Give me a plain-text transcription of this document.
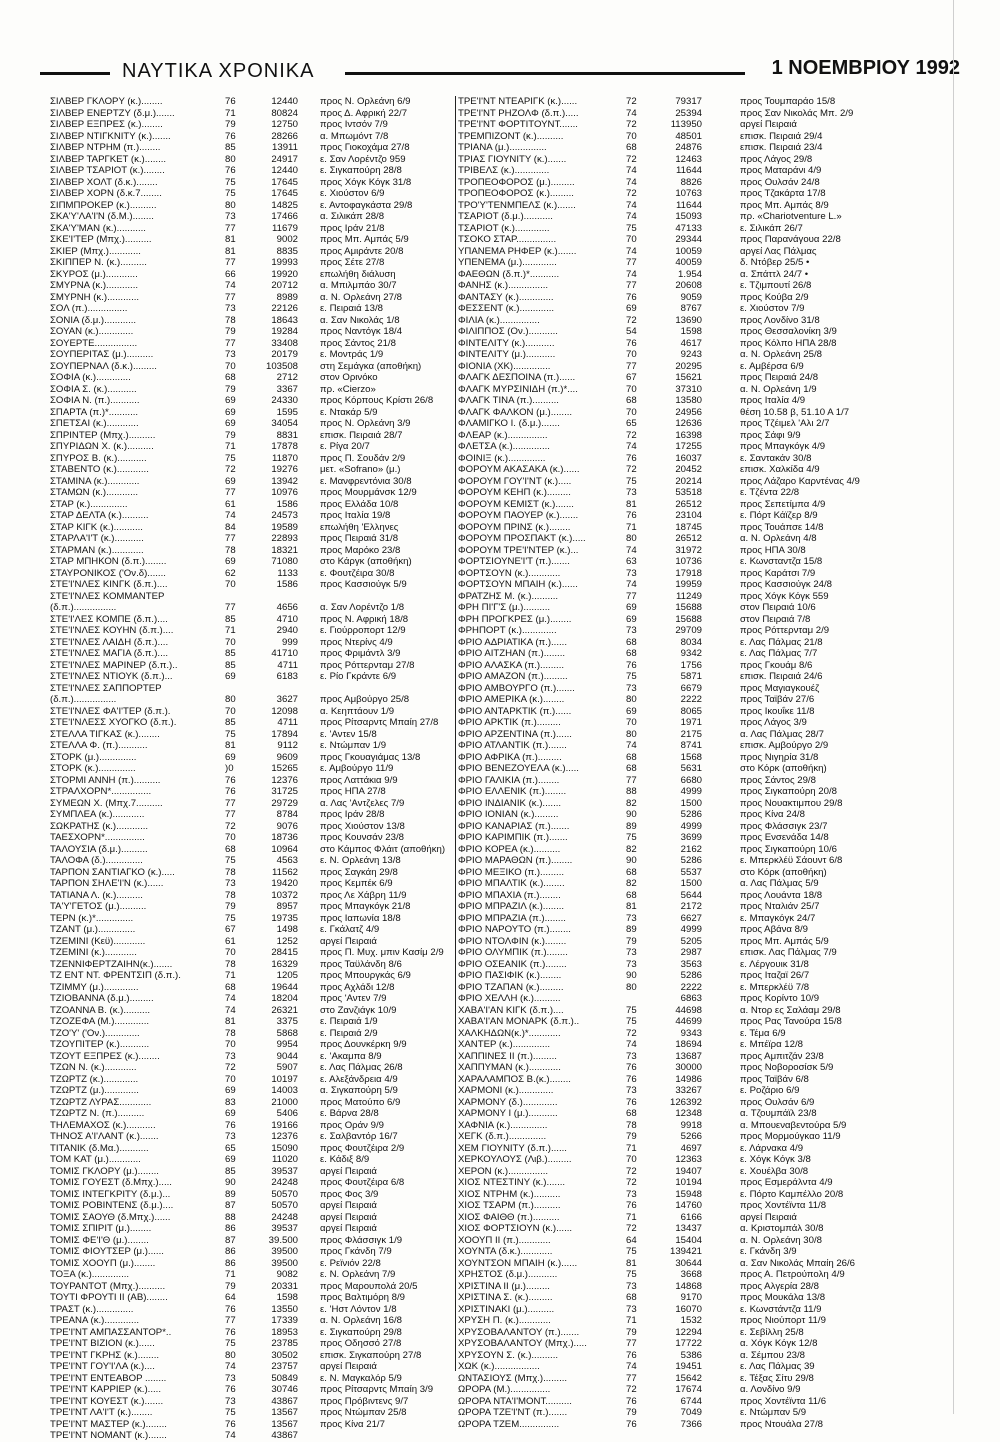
ΝΑΥΤΙΚΑ ΧΡΟΝΙΚΑ	1 ΝΟΕΜΒΡΙΟΥ 1992
ΣΙΛΒΕΡ ΓΚΛΟΡΥ (κ.)........	76	12440 προς Ν. Ορλεάνη 6/9
ΣΙΛΒΕΡ ΕΝΕΡΤΖΥ (δ.μ.).......	71	80824 προς Δ. Αφρική 22/7
ΣΙΛΒΕΡ ΕΞΠΡΕΣ (κ.)........	79	12750 προς Ιντσόν 7/9
ΣΙΛΒΕΡ ΝΤΙΓΚΝΙΤΥ (κ.).......	76	28266 α. Μπωμόντ 7/8
ΣΙΛΒΕΡ ΝΤΡΗΜ (π.)........	85	13911 προς Γιοκοχάμα 27/8
ΣΙΛΒΕΡ ΤΑΡΓΚΕΤ (κ.)........	80	24917 ε. Σαν Λορέντζο 959
ΣΙΛΒΕΡ ΤΣΑΡΙΟΤ (κ.)........	76	12440 ε. Σιγκαπούρη 28/8
ΣΙΛΒΕΡ ΧΟΛΤ (δ.κ.)........	75	17645 προς Χόγκ Κόγκ 31/8
ΣΙΛΒΕΡ ΧΟΡΝ (δ.κ.7........	75	17645 ε. Χιούστον 6/9
ΣΙΠΜΠΡΟΚΕΡ (κ.)..........	80	14825 ε. Αντοφαγκάστα 29/8
ΣΚΑ'Υ'ΛΑ'Ι'Ν (δ.Μ.)........	73	17466 α. Σιλικάπ 28/8
ΣΚΑ'Υ'ΜΑΝ (κ.)...........	77	11679 προς Ιράν 21/8
ΣΚΕ'Ι'ΤΕΡ (Μπχ.)..........	81	9002 προς Μπ. Αμπάς 5/9
ΣΚΙΕΡ (Μπχ.)............	81	8835 προς Αμιράντε 20/8
ΣΚΙΠΠΕΡ Ν. (κ.)..........	77	19993 προς Σέτε 27/8
ΣΚΥΡΟΣ (μ.)............	66	19920 επωλήθη διάλυση
ΣΜΥΡΝΑ (κ.)............	74	20712 α. Μπιλμπάο 30/7
ΣΜΥΡΝΗ (κ.)............	77	8989 α. Ν. Ορλεάνη 27/8
ΣΟΛ (π.)...............	73	22126 ε. Πειραιά 13/8
ΣΟΝΙΑ (δ.μ.)............	78	18643 α. Σαν Νικολάς 1/8
ΣΟΥΑΝ (κ.).............	79	19284 προς Ναντόγκ 18/4
ΣΟΥΕΡΤΕ................	77	33408 προς Σάντος 21/8
ΣΟΥΠΕΡΙΤΑΣ (μ.)..........	73	20179 ε. Μοντράς 1/9
ΣΟΥΠΕΡΝΑΛ (δ.κ.).........	70	103508 στη Σεμάγκα (αποθήκη)
ΣΟΦΙΑ (κ.).............	68	2712 στον Ορινόκο
ΣΟΦΙΑ Σ. (κ.)...........	79	3367 πρ. «Cierzo»
ΣΟΦΙΑ Ν. (π.)...........	69	24330 προς Κόρπους Κρίστι 26/8
ΣΠΑΡΤΑ (π.)*...........	69	1595 ε. Ντακάρ 5/9
ΣΠΕΤΣΑΙ (κ.)............	69	34054 προς Ν. Ορλεάνη 3/9
ΣΠΡΙΝΤΕΡ (Μπχ.)..........	79	8831 επισκ. Πειραιά 28/7
ΣΠΥΡΙΔΩΝ Χ. (κ.)..........	71	17878 ε. Ρίγα 20/7
ΣΠΥΡΟΣ Β. (κ.)...........	75	11870 προς Π. Σουδάν 2/9
ΣΤΑΒΕΝΤΟ (κ.)............	72	19276 μετ. «Sofrano» (μ.)
ΣΤΑΜΙΝΑ (κ.)............	69	13942 ε. Μανφρεντόνια 30/8
ΣΤΑΜΩΝ (κ.)............	77	10976 προς Μουρμάνσκ 12/9
ΣΤΑΡ (κ.)..............	61	1586 προς Ελλάδα 10/8
ΣΤΑΡ ΔΕΛΤΑ (κ.)..........	74	24573 προς Ιταλία 19/8
ΣΤΑΡ ΚΙΓΚ (κ.)...........	84	19589 επωλήθη 'Ελληνες
ΣΤΑΡΛΑ'Ι'Τ (κ.)...........	77	22893 προς Πειραιά 31/8
ΣΤΑΡΜΑΝ (κ.)............	78	18321 προς Μαρόκο 23/8
ΣΤΑΡ ΜΠΗΚΟΝ (δ.π.)........	69	71080 στο Κάργκ (αποθήκη)
ΣΤΑΥΡΟΝΙΚΟΣ ('Ον.δ).......	62	1133 ε. Φουτζέιρα 30/8
ΣΤΕ'Ι'ΝΛΕΣ ΚΙΝΓΚ (δ.π.)....	70	1586 προς Κασσιούγκ 5/9
ΣΤΕ'Ι'ΝΛΕΣ ΚΟΜΜΑΝΤΕΡ
(δ.π.)................	77	4656 α. Σαν Λορέντζο 1/8
ΣΤΕ'Ι'ΛΕΣ ΚΟΜΠΕ (δ.π.)....	85	4710 προς Ν. Αφρική 18/8
ΣΤΕ'Ι'ΝΛΕΣ ΚΟΥΗΝ (δ.π.)....	71	2940 ε. Γιούρροπορτ 12/9
ΣΤΕ'Ι'ΝΛΕΣ ΛΑΙΔΗ (δ.π.)....	70	999 προς Ντερίνς 4/9
ΣΤΕ'Ι'ΝΛΕΣ ΜΑΓΙΑ (δ.π.)....	85	41710 προς Φριμάντλ 3/9
ΣΤΕ'Ι'ΝΛΕΣ ΜΑΡΙΝΕΡ (δ.π.)..	85	4711 προς Ρόττερνταμ 27/8
ΣΤΕ'Ι'ΝΛΕΣ ΝΤΙΟΥΚ (δ.π.)...	69	6183 ε. Ρίο Γκράντε 6/9
ΣΤΕ'Ι'ΝΛΕΣ ΣΑΠΠΟΡΤΕΡ
(δ.π.)................	80	3627 προς Αμβούργο 25/8
ΣΤΕ'Ι'ΝΛΕΣ ΦΑ'Ι'ΤΕΡ (δ.π.).	70	12098 α. Κεηπτάουν 1/9
ΣΤΕ'Ι'ΝΛΕΣΣ ΧΥΟΓΚΟ (δ.π.).	85	4711 προς Ρίτσαρντς Μπαίη 27/8
ΣΤΕΛΛΑ ΤΙΓΚΑΣ (κ.)........	75	17894 ε. 'Αντεν 15/8
ΣΤΕΛΛΑ Φ. (π.)...........	81	9112 ε. Ντώμπαν 1/9
ΣΤΟΡΚ (μ.)..............	69	9609 προς Γκουαγιάμας 13/8
ΣΤΟΡΚ (κ.)..............	)0	15265 ε. Αμβούργο 11/9
ΣΤΟΡΜΙ ΑΝΝΗ (π.)..........	76	12376 προς Λαττάκια 9/9
ΣΤΡΑΛΧΟΡΝ*...............	76	31725 προς ΗΠΑ 27/8
ΣΥΜΕΩΝ Χ. (Μπχ.7..........	77	29729 α. Λας 'Αντζελες 7/9
ΣΥΜΠΛΕΑ (κ.)............	77	8784 προς Ιράν 28/8
ΣΩΚΡΑΤΗΣ (κ.)............	72	9076 προς Χιούστον 13/8
ΤΑΕΣΧΟΡΝ*...............	70	18736 προς Κουνσάν 23/8
ΤΑΛΟΥΣΙΑ (δ.μ.)..........	68	10964 στο Κάμπος Φλάιτ (αποθήκη)
ΤΑΛΟΦΑ (δ.)..............	75	4563 ε. Ν. Ορλεάνη 13/8
ΤΑΡΠΟΝ ΣΑΝΤΙΑΓΚΟ (κ.).....	78	11562 προς Σαγκάη 29/8
ΤΑΡΠΟΝ ΣΗΛΕ'Ι'Ν (κ.)......	73	19420 προς Κεμπέκ 6/9
ΤΑΤΙΑΝΑ Λ. (κ.)..........	78	10372 προς Λε Χάβρη 11/9
ΤΑ'Υ'ΓΕΤΟΣ (μ.)..........	79	8957 προς Μπαγκόγκ 21/8
ΤΕΡΝ (κ.)*..............	75	19735 προς Ιαπωνία 18/8
ΤΖΑΝΤ (μ.)..............	67	1498 ε. Γκάλατζ 4/9
ΤΖΕΜΙΝΙ (Κεϋ)............	61	1252 αργεί Πειραιά
ΤΖΕΜΙΝΙ (κ.)............	70	28415 προς Π. Μυχ. μπιν Κασίμ 2/9
ΤΖΕΝΝΙΦΕΡΤΖΑΙΗΝ(κ.).......	78	16329 προς Ταϋλάνδη 8/6
ΤΖ ΕΝΤ ΝΤ. ΦΡΕΝΤΣΙΠ (δ.π.).	71	1205 προς Μπουργκάς 6/9
ΤΖΙΜΜΥ (μ.).............	68	19644 προς Αχλάδι 12/8
ΤΖΙΟΒΑΝΝΑ (δ.μ.).........	74	18204 προς 'Αντεν 7/9
ΤΖΟΑΝΝΑ Β. (κ.)..........	74	26321 στο Ζανζιάγκ 10/9
ΤΖΟΖΕΦΑ (Μ.).............	81	3375 ε. Πειραιά 1/9
ΤΖΟ'Υ' ('Ον.).............	78	5868 ε. Πειραιά 2/9
ΤΖΟΥΠΙΤΕΡ (κ.)...........	70	9954 προς Δουνκέρκη 9/9
ΤΖΟΥΤ ΕΞΠΡΕΣ (κ.)........	73	9044 ε. 'Ακαμπα 8/9
ΤΖΩΝ Ν. (κ.)............	72	5907 ε. Λας Πάλμας 26/8
ΤΖΩΡΤΖ (κ.).............	70	10197 ε. Αλεξάνδρεια 4/9
ΤΖΩΡΤΖ (μ.).............	69	14003 α. Σιγκαπούρη 5/9
ΤΖΩΡΤΖ ΛΥΡΑΣ............	83	21000 προς Ματούπο 6/9
ΤΖΩΡΤΖ Ν. (π.)..........	69	5406 ε. Βάρνα 28/8
ΤΗΛΕΜΑΧΟΣ (κ.)...........	76	19166 προς Οράν 9/9
ΤΗΝΟΣ Α'Ι'ΛΑΝΤ (κ.).......	73	12376 ε. Σαλβαντόρ 16/7
ΤΙΤΑΝΙΚ (δ.Μα.)...........	65	15090 προς Φουτζέιρα 2/9
ΤΟΜ ΚΑΤ (μ.)............	69	11020 ε. Κάδιξ 8/9
ΤΟΜΙΣ ΓΚΛΟΡΥ (μ.)........	85	39537 αργεί Πειραιά
ΤΟΜΙΣ ΓΟΥΕΣΤ (δ.Μπχ.).....	90	24248 προς Φουτζέιρα 6/8
ΤΟΜΙΣ ΙΝΤΕΓΚΡΙΤΥ (δ.μ.)...	89	50570 προς Φος 3/9
ΤΟΜΙΣ ΡΟΒΙΝΤΕΝΣ (δ.μ.)....	87	50570 αργεί Πειραιά
ΤΟΜΙΣ ΣΑΟΥΘ (δ.Μπχ.)......	88	24248 αργεί Πειραιά
ΤΟΜΙΣ ΣΠΙΡΙΤ (μ.)........	86	39537 αργεί Πειραιά
ΤΟΜΙΣ ΦΕ'Ι'Θ (μ.)........	87	39.500 προς Φλάσσιγκ 1/9
ΤΟΜΙΣ ΦΙΟΥΤΣΕΡ (μ.)......	86	39500 προς Γκάνδη 7/9
ΤΟΜΙΣ ΧΟΟΥΠ (μ.)........	86	39500 ε. Ρεϊνιόν 22/8
ΤΟΞΑ (κ.)..............	71	9082 ε. Ν. Ορλεάνη 7/9
ΤΟΥΡΑΝΤΟΤ (Μπχ.)..........	79	20331 προς Μαρουπολά 20/5
ΤΟΥΤΙ ΦΡΟΥΤΙ ΙΙ (ΑΒ)........	64	1598 προς Βαλτιμόρη 8/9
ΤΡΑΣΤ (κ.)..............	76	13550 ε. 'Ηστ Λόντον 1/8
ΤΡΕΑΝΑ (κ.).............	77	17339 α. Ν. Ορλεάνη 16/8
ΤΡΕ'Ι'ΝΤ ΑΜΠΑΣΣΑΝΤΟΡ*..	76	18953 ε. Σιγκαπούρη 29/8
ΤΡΕ'Ι'ΝΤ ΒΙΖΙΟΝ (κ.)......	75	23785 προς Οδησσό 27/8
ΤΡΕ'Ι'ΝΤ ΓΚΡΗΣ (κ.)........	80	30502 επισκ. Σιγκαπούρη 27/8
ΤΡΕ'Ι'ΝΤ ΓΟΥ'Ι'ΛΑ (κ.)....	74	23757 αργεί Πειραιά
ΤΡΕ'Ι'ΝΤ ΕΝΤΕΑΒΟΡ ........	73	50849 ε. Ν. Μαγκαλόρ 5/9
ΤΡΕ'Ι'ΝΤ ΚΑΡΡΙΕΡ (κ.).....	76	30746 προς Ρίτσαρντς Μπαίη 3/9
ΤΡΕ'Ι'ΝΤ ΚΟΥΕΣΤ (κ.).......	73	43867 προς Πρόβιντενς 9/7
ΤΡΕ'Ι'ΝΤ ΛΑ'Ι'Τ (κ.)........	75	13567 προς Ντώμπαν 25/8
ΤΡΕ'Ι'ΝΤ ΜΑΣΤΕΡ (κ.)........	76	13567 προς Κίνα 21/7
ΤΡΕ'Ι'ΝΤ ΝΟΜΑΝΤ (κ.).......	74	43867
ΤΡΕ'Ι'ΝΤ ΝΤΕΑΡΙΓΚ (κ.)......	72	79317	προς Τουμπαράο 15/8
ΤΡΕ'Ι'ΝΤ ΡΗΖΟΛΦ (δ.π.).....	74	25394	προς Σαν Νικολάς Μπ. 2/9
ΤΡΕ'Ι'ΝΤ ΦΟΡΤΙΤΟΥΝΤ.......	72	113950	αργεί Πειραιά
ΤΡΕΜΠΙΖΟΝΤ (κ.)..........	70	48501	επισκ. Πειραιά 29/4
ΤΡΙΑΝΑ (μ.)..............	68	24876	επισκ. Πειραιά 23/4
ΤΡΙΑΣ ΓΙΟΥΝΙΤΥ (κ.).......	72	12463	προς Λάγος 29/8
ΤΡΙΒΕΛΣ (κ.).............	74	11644	προς Ματαράνι 4/9
ΤΡΟΠΕΟΦΟΡΟΣ (μ.).........	74	8826	προς Ουλσάν 24/8
ΤΡΟΠΕΟΦΟΡΟΣ (κ.).........	72	10763	προς Τζακάρτα 17/8
ΤΡΟ'Υ'ΤΕΝΜΠΕΛΣ (κ.).......	74	11644	προς Μπ. Αμπάς 8/9
ΤΣΑΡΙΟΤ (δ.μ.)...........	74	15093	πρ. «Chariotventure L.»
ΤΣΑΡΙΟΤ (κ.).............	75	47133	ε. Σιλικάπ 26/7
ΤΣΟΚΟ ΣΤΑΡ...............	70	29344	προς Παρανάγουα 22/8
ΥΠΑΝΕΜΑ ΡΗΦΕΡ (κ.).......	74	10059	αργεί Λας Πάλμας
ΥΠΕΝΕΜΑ (μ.).............	77	40059	δ. Ντόβερ 25/5 •
ΦΑΕΘΩΝ (δ.π.)*...........	74	1.954	α. Σπάττλ 24/7 •
ΦΑΝΗΣ (κ.)...............	77	20608	ε. Τζιμπουτί 26/8
ΦΑΝΤΑΣΥ (κ.).............	76	9059	προς Κούβα 2/9
ΦΕΣΣΕΝΤ (κ.).............	69	8767	ε. Χιούστον 7/9
ΦΙΛΙΑ (κ.)...............	72	13690	προς Λονδίνο 31/8
ΦΙΛΙΠΠΟΣ (Ον.)...........	54	1598	προς Θεσσαλονίκη 3/9
ΦΙΝΤΕΛΙΤΥ (κ.)...........	76	4617	προς Κόλπο ΗΠΑ 28/8
ΦΙΝΤΕΛΙΤΥ (μ.)...........	70	9243	α. Ν. Ορλεάνη 25/8
ΦΙΟΝΙΑ (ΧΚ)..............	77	20295	ε. Αμβέρσα 6/9
ΦΛΑΓΚ ΔΕΣΠΟΙΝΑ (π.)......	67	15621	προς Πειραιά 24/8
ΦΛΑΓΚ ΜΥΡΣΙΝΙΔΗ (π.)*....	70	37310	α. Ν. Ορλεάνη 1/9
ΦΛΑΓΚ ΤΙΝΑ (π.)..........	68	13580	προς Ιταλία 4/9
ΦΛΑΓΚ ΦΑΛΚΟΝ (μ.)........	70	24956	θέση 10.58 β, 51.10 Α 1/7
ΦΛΑΜΙΓΚΟ Ι. (δ.μ.).......	65	12636	προς Τζέιμελ 'Αλι 2/7
ΦΛΕΑΡ (κ.)...............	72	16398	προς Σάφι 9/9
ΦΛΕΤΣΑ (κ.)..............	74	17255	προς Μπαγκόγκ 4/9
ΦΟΙΝΙΞ (κ.)..............	76	16037	ε. Σαντακάν 30/8
ΦΟΡΟΥΜ ΑΚΑΣΑΚΑ (κ.)......	72	20452	επισκ. Χαλκίδα 4/9
ΦΟΡΟΥΜ ΓΟΥ'Ι'ΝΤ (κ.).....	75	20214	προς Λάζαρο Καρντένας 4/9
ΦΟΡΟΥΜ ΚΕΗΠ (κ.).........	73	53518	ε. Τζέντα 22/8
ΦΟΡΟΥΜ ΚΕΜΙΣΤ (κ.).......	81	26512	προς Σεπετίμπα 4/9
ΦΟΡΟΥΜ ΠΑΟΥΕΡ (κ.).......	76	23104	ε. Πόρτ Κάϊζερ 8/9
ΦΟΡΟΥΜ ΠΡΙΝΣ (κ.)........	71	18745	προς Τουάπσε 14/8
ΦΟΡΟΥΜ ΠΡΟΣΠΑΚΤ (κ.).....	80	26512	α. Ν. Ορλεάνη 4/8
ΦΟΡΟΥΜ ΤΡΕ'Ι'ΝΤΕΡ (κ.)...	74	31972	προς ΗΠΑ 30/8
ΦΟΡΤΣΙΟΥΝΕ'Ι'Τ (π.).......	63	10736	ε. Κωνσταντζα 15/8
ΦΟΡΤΣΟΥΝ (κ.)............	73	17918	προς Καράτσι 7/9
ΦΟΡΤΣΟΥΝ ΜΠΑΙΗ (κ.)......	74	19959	προς Κασσιούγκ 24/8
ΦΡΑΤΖΗΣ Μ. (κ.)..........	77	11249	προς Χόγκ Κόγκ 559
ΦΡΗ ΠΙ'Γ'Σ (μ.)..........	69	15688	στον Πειραιά 10/6
ΦΡΗ ΠΡΟΓΚΡΕΣ (μ.)........	69	15688	στον Πειραιά 7/8
ΦΡΗΠΟΡΤ (κ.).............	73	29709	προς Ρόττερνταμ 2/9
ΦΡΙΟ ΑΔΡΙΑΤΙΚΑ (π.)......	68	8034	ε. Λας Πάλμας 21/8
ΦΡΙΟ ΑΙΤΖΗΑΝ (π.)........	68	9342	ε. Λας Πάλμας 7/7
ΦΡΙΟ ΑΛΑΣΚΑ (π.).........	76	1756	προς Γκουάμ 8/6
ΦΡΙΟ ΑΜΑΖΟΝ (π.).........	75	5871	επισκ. Πειραιά 24/6
ΦΡΙΟ ΑΜΒΟΥΡΓΟ (π.).......	73	6679	προς Μαγιαγκουέζ
ΦΡΙΟ ΑΜΕΡΙΚΑ (κ.)........	80	2222	προς Ταϊβάν 27/6
ΦΡΙΟ ΑΝΤΑΡΚΤΙΚ (π.)......	69	8065	προς Ικουΐκε 11/8
ΦΡΙΟ ΑΡΚΤΙΚ (π.).........	70	1971	προς Λάγος 3/9
ΦΡΙΟ ΑΡΖΕΝΤΙΝΑ (π.)......	80	2175	α. Λας Πάλμας 28/7
ΦΡΙΟ ΑΤΛΑΝΤΙΚ (π.).......	74	8741	επισκ. Αμβούργο 2/9
ΦΡΙΟ ΑΦΡΙΚΑ (π.).........	68	1568	προς Νιγηρία 31/8
ΦΡΙΟ ΒΕΝΕΖΟΥΕΛΑ (κ.).....	68	5631	στο Κόρκ (αποθήκη)
ΦΡΙΟ ΓΑΛΙΚΙΑ (π.)........	77	6680	προς Σάντος 29/8
ΦΡΙΟ ΕΛΛΕΝΙΚ (π.)........	88	4999	προς Σιγκαπούρη 20/8
ΦΡΙΟ ΙΝΔΙΑΝΙΚ (κ.).......	82	1500	προς Νουακτιμπου 29/8
ΦΡΙΟ ΙΟΝΙΑΝ (κ.).........	90	5286	προς Κίνα 24/8
ΦΡΙΟ ΚΑΝΑΡΙΑΣ (π.).......	89	4999	προς Φλάσσιγκ 23/7
ΦΡΙΟ ΚΑΡΙΜΠΙΚ (π.).......	75	3699	προς Ενσενάδα 14/8
ΦΡΙΟ ΚΟΡΕΑ (κ.)..........	82	2162	προς Σιγκαπούρη 10/6
ΦΡΙΟ ΜΑΡΑΘΩΝ (π.)........	90	5286	ε. Μπερκλέϋ Σάουντ 6/8
ΦΡΙΟ ΜΕΞΙΚΟ (π.).........	68	5537	στο Κόρκ (αποθήκη)
ΦΡΙΟ ΜΠΑΛΤΙΚ (κ.)........	82	1500	α. Λας Πάλμας 5/9
ΦΡΙΟ ΜΠΑΧΙΑ (π.)........	68	5644	προς Λουάντα 18/8
ΦΡΙΟ ΜΠΡΑΖΙΛ (κ.)........	81	2172	προς Νταλιάν 25/7
ΦΡΙΟ ΜΠΡΑΖΙΑ (π.)........	73	6627	ε. Μπαγκόγκ 24/7
ΦΡΙΟ ΝΑΡΟΥΤΟ (π.)........	89	4999	προς Αβάνα 8/9
ΦΡΙΟ ΝΤΟΛΦΙΝ (κ.)........	79	5205	προς Μπ. Αμπάς 5/9
ΦΡΙΟ ΟΛΥΜΠΙΚ (π.)........	73	2987	επισκ. Λας Πάλμας 7/9
ΦΡΙΟ ΟΣΕΑΝΙΚ (π.)........	73	3563	ε. Λέργουικ 31/8
ΦΡΙΟ ΠΑΣΙΦΙΚ (κ.)........	90	5286	προς Ιταζαϊ 26/7
ΦΡΙΟ ΤΖΑΠΑΝ (κ.).........	80	2222	ε. Μπερκλέϋ 7/8
ΦΡΙΟ ΧΕΛΛΗ (κ.)..........	6863	προς Κορίντο 10/9
ΧΑΒΑ'Ι'ΑΝ ΚΙΓΚ (δ.π.)....	75	44698	α. Ντορ ες Σαλάαμ 29/8
ΧΑΒΑ'Ι'ΑΝ ΜΟΝΑΡΚ (δ.π.)..	75	44699	προς Ρας Τανούρα 15/8
ΧΑΛΚΗΔΩΝ(κ.)*............	72	9343	ε. Τέμα 6/9
ΧΑΝΤΕΡ (κ.)..............	74	18694	ε. Μπέϊρα 12/8
ΧΑΠΠΙΝΕΣ ΙΙ (π.).........	73	13687	προς Αμπιτζάν 23/8
ΧΑΠΠΥΜΑΝ (κ.)............	76	30000	προς Νοβοροσίσκ 5/9
ΧΑΡΑΛΑΜΠΟΣ Β.(κ.)........	76	14986	προς Ταϊβάν 6/8
ΧΑΡΜΟΝΙ (κ.).............	73	33267	ε. Ροζάριο 6/9
ΧΑΡΜΟΝΥ (δ.).............	76	126392	προς Ουλσάν 6/9
ΧΑΡΜΟΝΥ Ι (μ.)...........	68	12348	α. Τζουμπάϊλ 23/8
ΧΑΦΝΙΑ (κ.)..............	78	9918	α. Μπουεναβεντούρα 5/9
ΧΕΓΚ (δ.π.)..............	79	5266	προς Μορμούγκαο 11/9
ΧΕΜ ΓΙΟΥΝΙΤΥ (δ.π.)......	71	4697	ε. Λάρνακα 4/9
ΧΕΡΚΟΥΛΟΥΣ (Λιβ.).........	70	12363	ε. Χόγκ Κόγκ 3/8
ΧΕΡΟΝ (κ.)...............	72	19407	ε. Χουέλβα 30/8
ΧΙΟΣ ΝΤΕΣΤΙΝΥ (κ.).......	72	10194	προς Εσμεράλντα 4/9
ΧΙΟΣ ΝΤΡΗΜ (κ.)..........	73	15948	ε. Πόρτο Καμπέλλο 20/8
ΧΙΟΣ ΤΣΑΡΜ (π.)..........	76	14760	προς Χοντέϊντα 11/8
ΧΙΟΣ ΦΑΙΘΘ (π.)..........	71	6166	αργεί Πειραιά
ΧΙΟΣ ΦΟΡΤΣΙΟΥΝ (κ.)......	72	13437	α. Κριστομπάλ 30/8
ΧΟΟΥΠ ΙΙ (π.)............	64	15404	α. Ν. Ορλεάνη 30/8
ΧΟΥΝΤΑ (δ.κ.)............	75	139421	ε. Γκάνδη 3/9
ΧΟΥΝΤΣΟΝ ΜΠΑΙΗ (κ.)......	81	30644	α. Σαν Νικολάς Μπαίη 26/6
ΧΡΗΣΤΟΣ (δ.μ.)...........	75	3668	προς Α. Πετρούπολη 4/9
ΧΡΙΣΤΙΝΑ ΙΙ (μ.).........	73	14868	προς Αλγερία 28/8
ΧΡΙΣΤΙΝΑ Σ. (κ.).........	68	9170	προς Μουκάλα 13/8
ΧΡΙΣΤΙΝΑΚΙ (μ.)..........	73	16070	ε. Κωνστάντζα 11/9
ΧΡΥΣΗ Π. (κ.)............	71	1532	προς Νιούπορτ 11/9
ΧΡΥΣΟΒΑΛΑΝΤΟΥ (π.).......	79	12294	ε. Σεβίλλη 25/8
ΧΡΥΣΟΒΑΛΑΝΤΟΥ (Μπχ.).....	77	17722	α. Χόγκ Κόγκ 12/8
ΧΡΥΣΟΥΝ Σ. (κ.)..........	76	5386	α. Σέμπου 23/8
ΧΩΚ (κ.).................	74	19451	ε. Λας Πάλμας 39
ΩΝΤΑΣΙΟΥΣ (Μπχ.).........	77	15642	ε. Τέξας Σίτυ 29/8
ΩΡΟΡΑ (Μ.)...............	72	17674	α. Λονδίνο 9/9
ΩΡΟΡΑ ΝΤΑ'Ι'ΜΟΝΤ..........	76	6744	προς Χοντέϊντα 11/6
ΩΡΟΡΑ ΤΖΕ'Ι'ΝΤ (π.).......	79	7049	ε. Ντώμπαν 5/9
ΩΡΟΡΑ ΤΖΕΜ...............	76	7366	προς Ντουάλα 27/8
